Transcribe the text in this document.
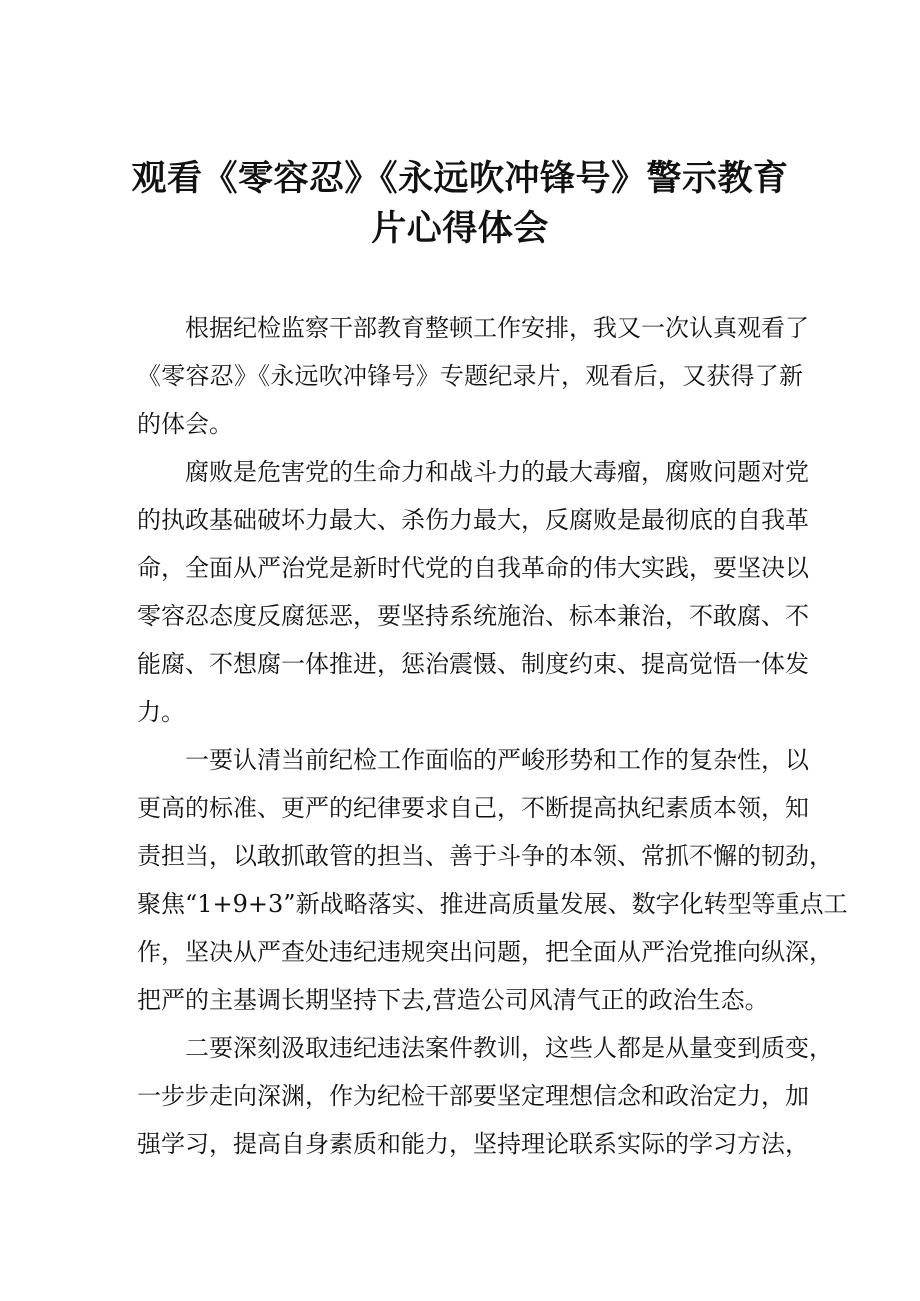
观看《零容忍》《永远吹冲锋号》警示教育
片心得体会

根据纪检监察干部教育整顿工作安排，我又一次认真观看了
《零容忍》《永远吹冲锋号》专题纪录片，观看后，又获得了新
的体会。

腐败是危害党的生命力和战斗力的最大毒瘤，腐败问题对党
的执政基础破坏力最大、杀伤力最大，反腐败是最彻底的自我革
命，全面从严治党是新时代党的自我革命的伟大实践，要坚决以
零容忍态度反腐惩恶，要坚持系统施治、标本兼治，不敢腐、不
能腐、不想腐一体推进，惩治震慑、制度约束、提高觉悟一体发
力。

一要认清当前纪检工作面临的严峻形势和工作的复杂性，以
更高的标准、更严的纪律要求自己，不断提高执纪素质本领，知
责担当，以敢抓敢管的担当、善于斗争的本领、常抓不懈的韧劲，
聚焦“1+9+3”新战略落实、推进高质量发展、数字化转型等重点工
作，坚决从严查处违纪违规突出问题，把全面从严治党推向纵深，
把严的主基调长期坚持下去,营造公司风清气正的政治生态。

二要深刻汲取违纪违法案件教训，这些人都是从量变到质变，
一步步走向深渊，作为纪检干部要坚定理想信念和政治定力，加
强学习，提高自身素质和能力，坚持理论联系实际的学习方法，
